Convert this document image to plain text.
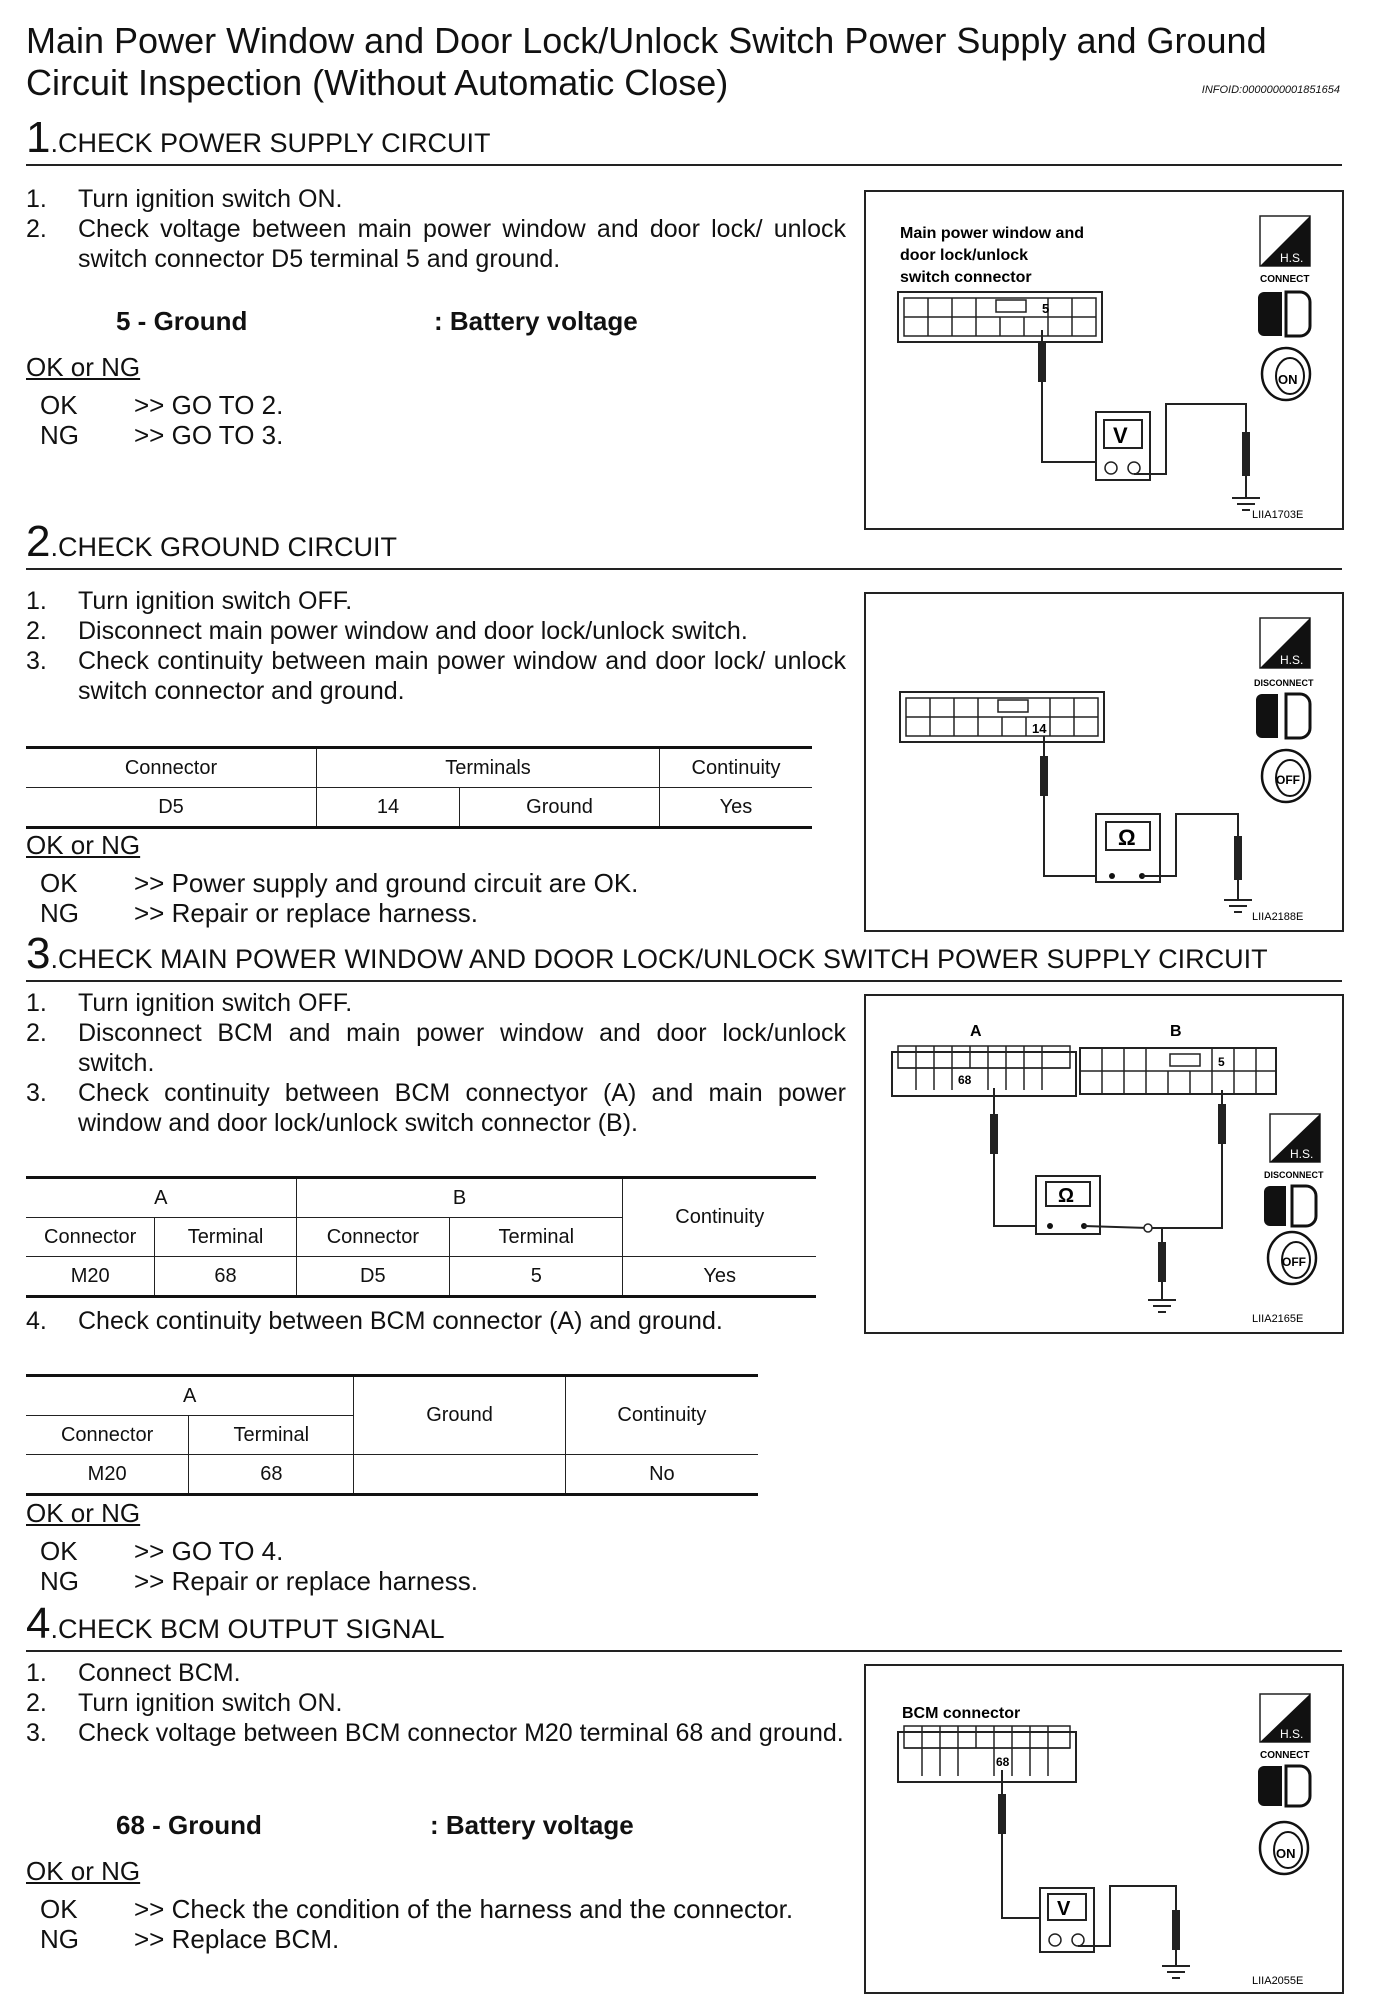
Main Power Window and Door Lock/Unlock Switch Power Supply and Ground Circuit Inspection (Without Automatic Close)	INFOID:0000000001851654
1.CHECK POWER SUPPLY CIRCUIT
1. Turn ignition switch ON.
2. Check voltage between main power window and door lock/ unlock switch connector D5 terminal 5 and ground.
5 - Ground	: Battery voltage
OK or NG
OK >> GO TO 2.
NG >> GO TO 3.
Main power window and
door lock/unlock
switch connector
5
V
H.S.
CONNECT
ON
LIIA1703E
2.CHECK GROUND CIRCUIT
1. Turn ignition switch OFF.
2. Disconnect main power window and door lock/unlock switch.
3. Check continuity between main power window and door lock/ unlock switch connector and ground.
Connector	Terminals		Continuity
D5	14	Ground	Yes
OK or NG
OK >> Power supply and ground circuit are OK.
NG >> Repair or replace harness.
14
Ω
H.S.
DISCONNECT
OFF
LIIA2188E
3.CHECK MAIN POWER WINDOW AND DOOR LOCK/UNLOCK SWITCH POWER SUPPLY CIRCUIT
1. Turn ignition switch OFF.
2. Disconnect BCM and main power window and door lock/unlock switch.
3. Check continuity between BCM connectyor (A) and main power window and door lock/unlock switch connector (B).
A		B		Continuity
Connector	Terminal	Connector	Terminal	
M20	68	D5	5	Yes
4. Check continuity between BCM connector (A) and ground.
A		Ground	Continuity
Connector	Terminal		
M20	68		No
OK or NG
OK >> GO TO 4.
NG >> Repair or replace harness.
A	B
68
5
Ω
H.S.
DISCONNECT
OFF
LIIA2165E
4.CHECK BCM OUTPUT SIGNAL
1. Connect BCM.
2. Turn ignition switch ON.
3. Check voltage between BCM connector M20 terminal 68 and ground.
68 - Ground	: Battery voltage
OK or NG
OK >> Check the condition of the harness and the connector.
NG >> Replace BCM.
BCM connector
68
V
H.S.
CONNECT
ON
LIIA2055E
